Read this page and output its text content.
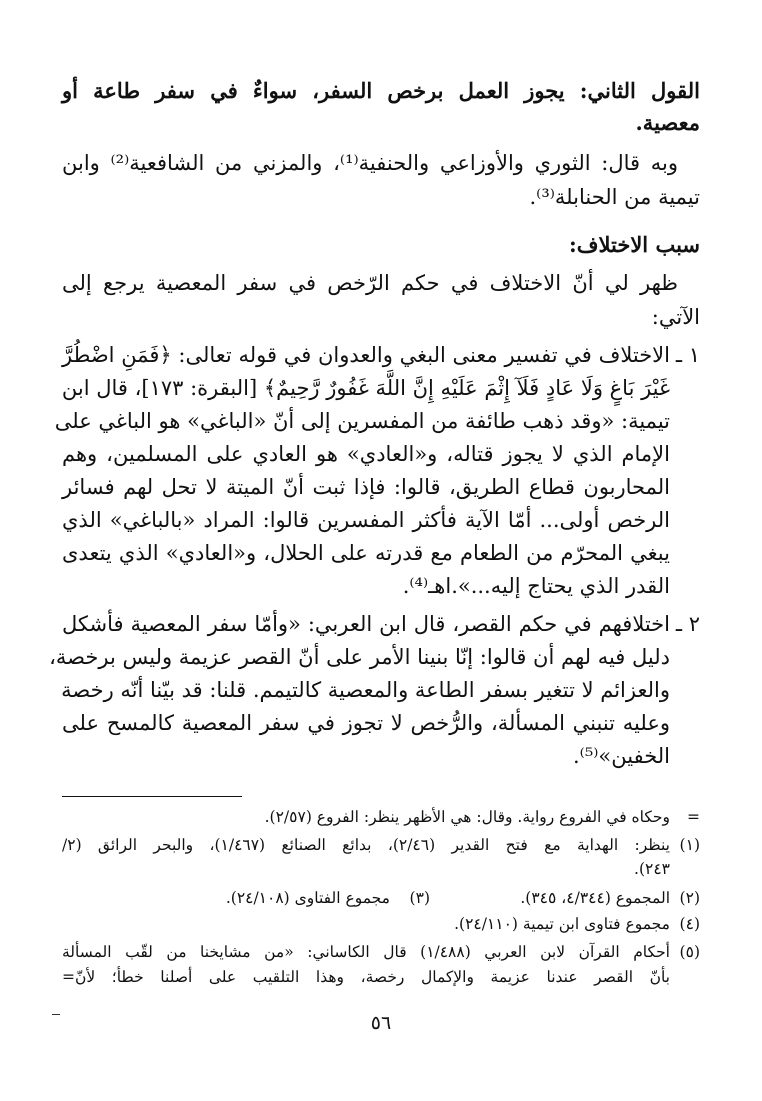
القول الثاني: يجوز العمل برخص السفر، سواءٌ في سفر طاعة أو
معصية.
وبه قال: الثوري والأوزاعي والحنفية⁽¹⁾، والمزني من الشافعية⁽²⁾ وابن
تيمية من الحنابلة⁽³⁾.
سبب الاختلاف:
ظهر لي أنّ الاختلاف في حكم الرّخص في سفر المعصية يرجع إلى
الآتي:
١ ـ
الاختلاف في تفسير معنى البغي والعدوان في قوله تعالى: ﴿فَمَنِ اضْطُرَّ
غَيْرَ بَاغٍ وَلَا عَادٍ فَلَآ إِثْمَ عَلَيْهِ إِنَّ اللَّهَ غَفُورٌ رَّحِيمٌ﴾ [البقرة: ١٧٣]، قال ابن
تيمية: «وقد ذهب طائفة من المفسرين إلى أنّ «الباغي» هو الباغي على
الإمام الذي لا يجوز قتاله، و«العادي» هو العادي على المسلمين، وهم
المحاربون قطاع الطريق، قالوا: فإذا ثبت أنّ الميتة لا تحل لهم فسائر
الرخص أولى... أمّا الآية فأكثر المفسرين قالوا: المراد «بالباغي» الذي
يبغي المحرّم من الطعام مع قدرته على الحلال، و«العادي» الذي يتعدى
القدر الذي يحتاج إليه...».اهـ⁽⁴⁾.
٢ ـ
اختلافهم في حكم القصر، قال ابن العربي: «وأمّا سفر المعصية فأشكل
دليل فيه لهم أن قالوا: إنّا بنينا الأمر على أنّ القصر عزيمة وليس برخصة،
والعزائم لا تتغير بسفر الطاعة والمعصية كالتيمم. قلنا: قد بيّنا أنّه رخصة
وعليه تنبني المسألة، والرُّخص لا تجوز في سفر المعصية كالمسح على
الخفين»⁽⁵⁾.
=
وحكاه في الفروع رواية. وقال: هي الأظهر ينظر: الفروع (٢/٥٧).
(١)
ينظر: الهداية مع فتح القدير (٢/٤٦)، بدائع الصنائع (١/٤٦٧)، والبحر الرائق (٢/
٢٤٣).
(٢)
المجموع (٤/٣٤٤، ٣٤٥).
(٣)
مجموع الفتاوى (٢٤/١٠٨).
(٤)
مجموع فتاوى ابن تيمية (٢٤/١١٠).
(٥)
أحكام القرآن لابن العربي (١/٤٨٨) قال الكاساني: «من مشايخنا من لقّب المسألة
بأنّ القصر عندنا عزيمة والإكمال رخصة، وهذا التلقيب على أصلنا خطأ؛ لأنّ=
٥٦
